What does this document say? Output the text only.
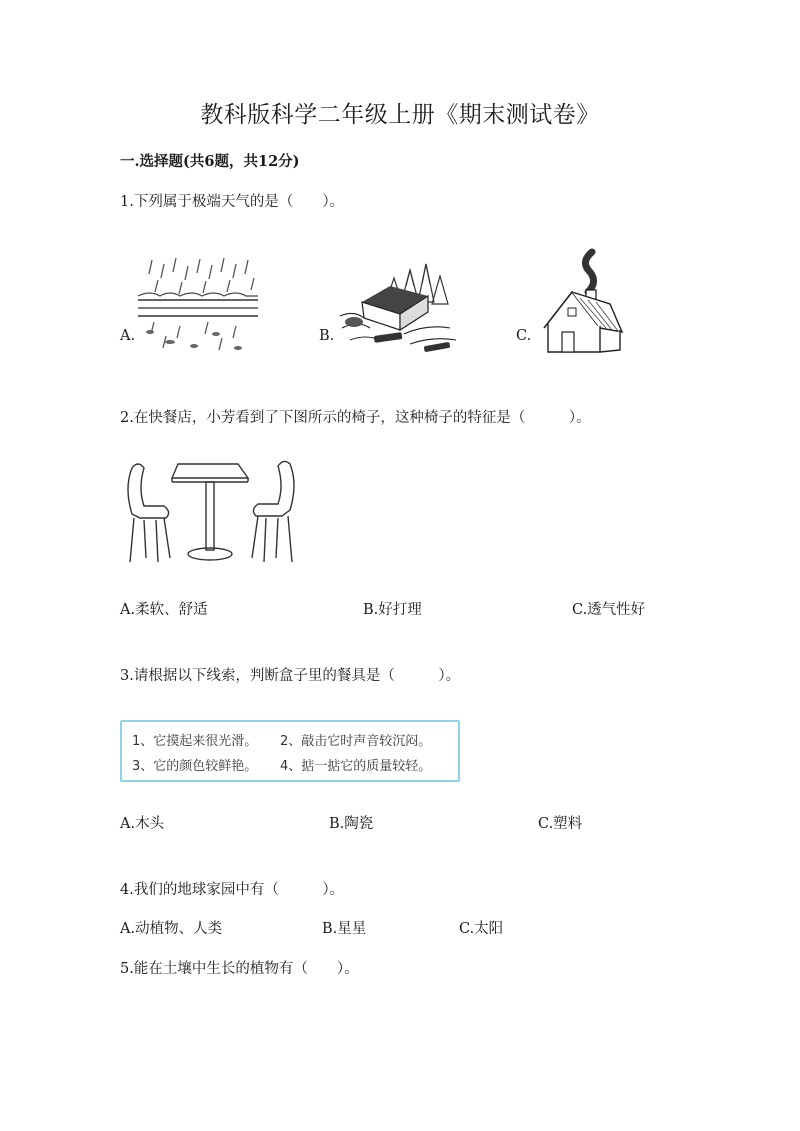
教科版科学二年级上册《期末测试卷》
一.选择题(共6题，共12分)
1.下列属于极端天气的是（　　）。
A.	B.	C.
2.在快餐店，小芳看到了下图所示的椅子，这种椅子的特征是（　　　）。
A.柔软、舒适	B.好打理	C.透气性好
3.请根据以下线索，判断盒子里的餐具是（　　　）。
1、它摸起来很光滑。 2、敲击它时声音较沉闷。
3、它的颜色较鲜艳。 4、掂一掂它的质量较轻。
A.木头	B.陶瓷	C.塑料
4.我们的地球家园中有（　　　）。
A.动植物、人类	B.星星	C.太阳
5.能在土壤中生长的植物有（　　）。
